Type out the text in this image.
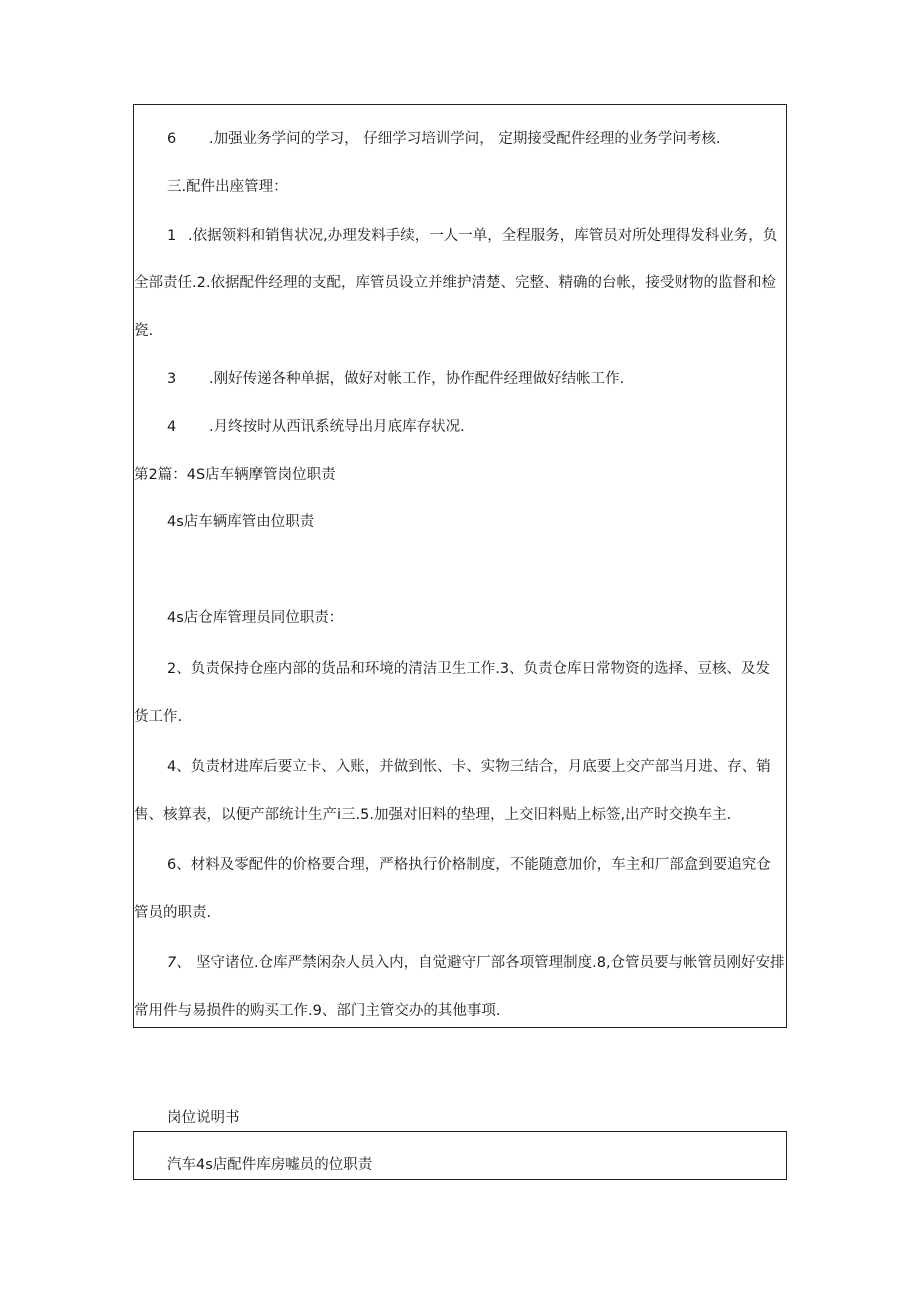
6 .加强业务学问的学习， 仔细学习培训学问， 定期接受配件经理的业务学问考核.
三.配件出座管理：
1 .依据领料和销售状况,办理发料手续，一人一单，全程服务，库管员对所处理得发科业务，负
全部责任.2.依据配件经理的支配，库管员设立并维护清楚、完整、精确的台帐，接受财物的监督和检
瓷.
3 .刚好传递各种单据，做好对帐工作，协作配件经理做好结帐工作.
4 .月终按时从西讯系统导出月底库存状况.
第2篇：4S店车辆摩管岗位职责
4s店车辆库管由位职责
4s店仓库管理员同位职责：
2、负责保持仓座内部的货品和环境的清洁卫生工作.3、负责仓库日常物资的选择、豆核、及发
货工作.
4、负责材进库后要立卡、入账，并做到怅、卡、实物三结合，月底要上交产部当月进、存、销
售、核算表，以便产部统计生产i三.5.加强对旧料的垫理，上交旧料贴上标签,出产时交换车主.
6、材料及零配件的价格要合理，严格执行价格制度，不能随意加价，车主和厂部盒到要追究仓
管员的职责.
7、 坚守诸位.仓库严禁闲杂人员入内，自觉避守厂部各项管理制度.8,仓管员要与帐管员刚好安排
常用件与易损件的购买工作.9、部门主管交办的其他事项.
岗位说明书
汽车4s店配件库房嘘员的位职责
